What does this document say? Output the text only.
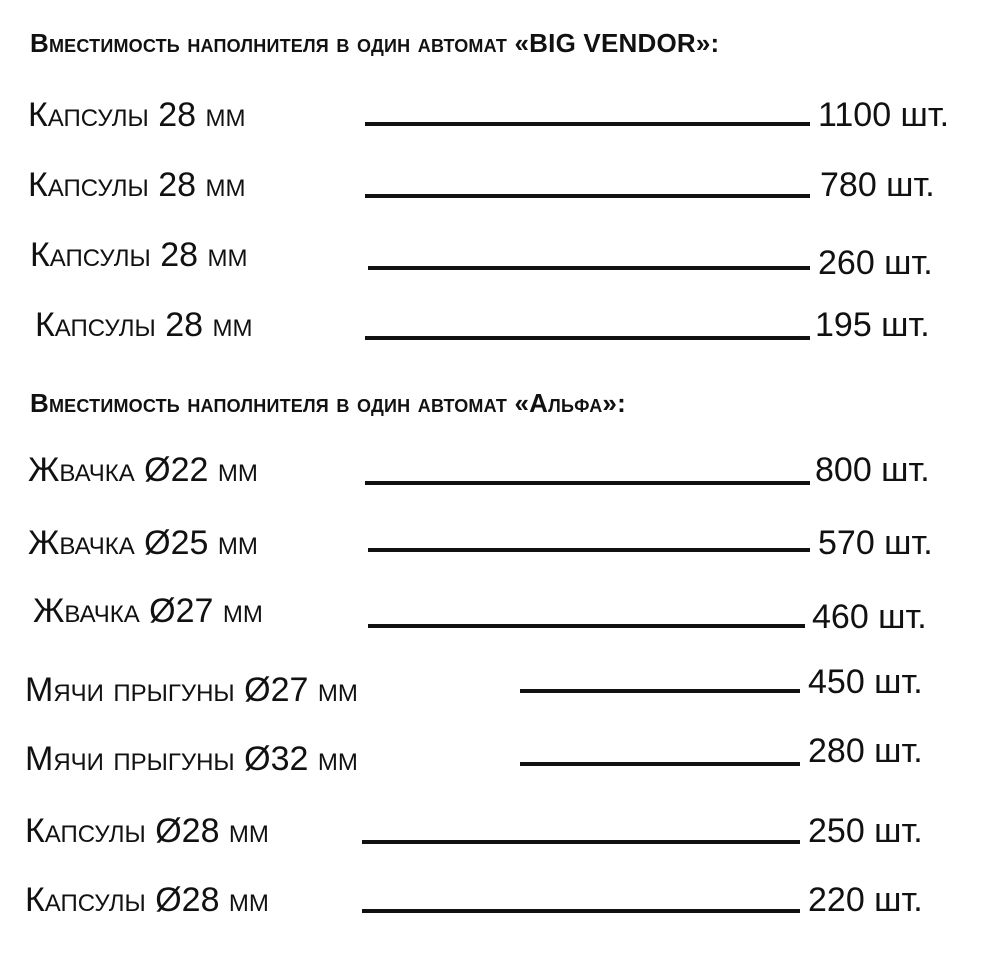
Вместимость наполнителя в один автомат «BIG VENDOR»:
Капсулы 28 мм	1100 шт.
Капсулы 28 мм	780 шт.
Капсулы 28 мм	260 шт.
Капсулы 28 мм	195 шт.
Вместимость наполнителя в один автомат «Альфа»:
Жвачка Ø22 мм	800 шт.
Жвачка Ø25 мм	570 шт.
Жвачка Ø27 мм	460 шт.
Мячи прыгуны Ø27 мм	450 шт.
Мячи прыгуны Ø32 мм	280 шт.
Капсулы Ø28 мм	250 шт.
Капсулы Ø28 мм	220 шт.
